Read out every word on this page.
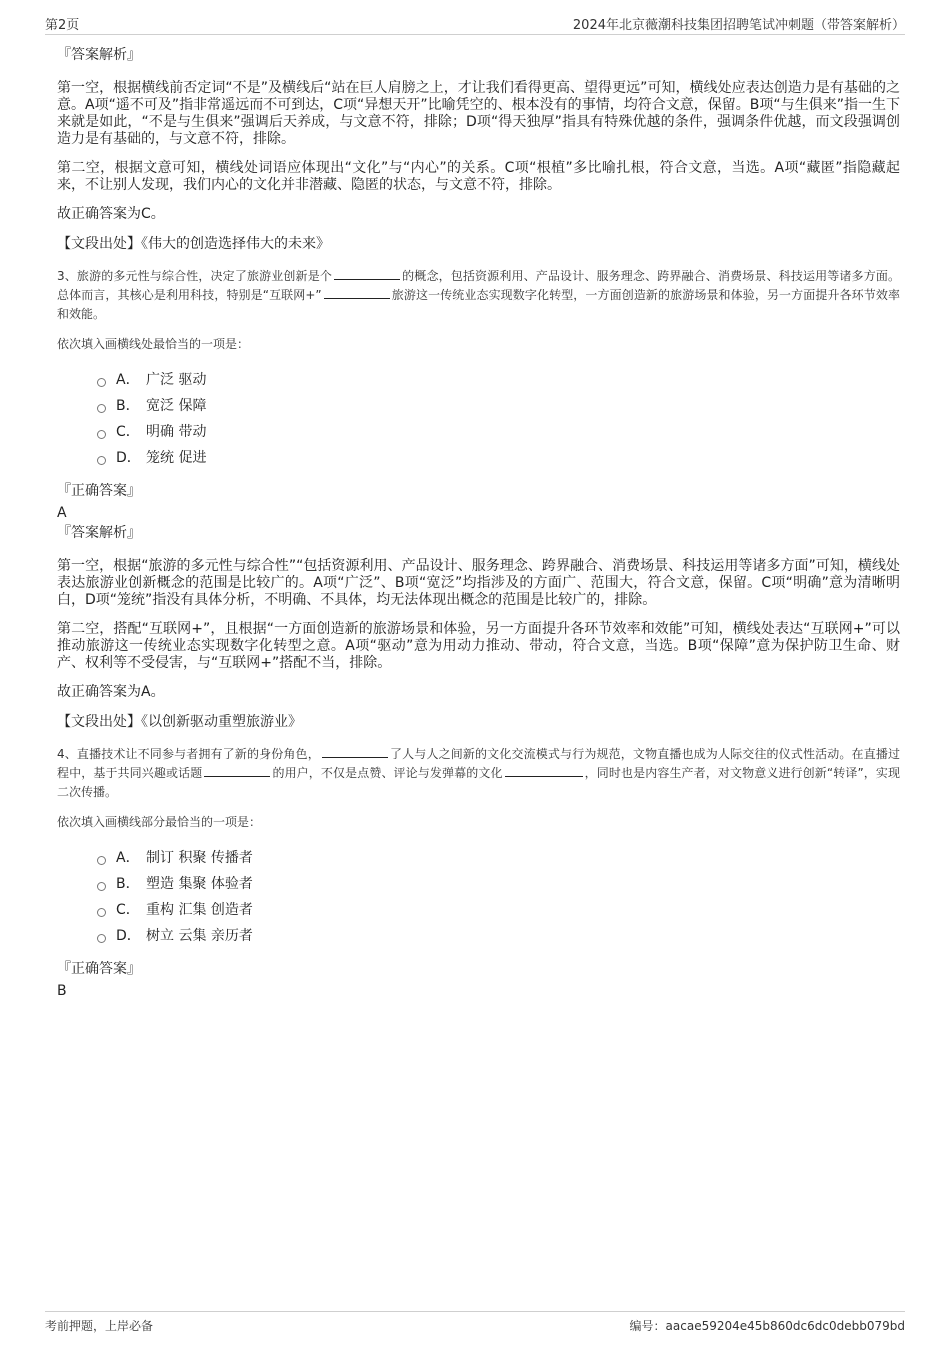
第2页	2024年北京薇潮科技集团招聘笔试冲刺题（带答案解析）
『答案解析』

第一空，根据横线前否定词“不是”及横线后“站在巨人肩膀之上，才让我们看得更高、望得更远”可知，横线处应表达创造力是有基础的之意。A项“遥不可及”指非常遥远而不可到达，C项“异想天开”比喻凭空的、根本没有的事情，均符合文意，保留。B项“与生俱来”指一生下来就是如此，“不是与生俱来”强调后天养成，与文意不符，排除；D项“得天独厚”指具有特殊优越的条件，强调条件优越，而文段强调创造力是有基础的，与文意不符，排除。

第二空，根据文意可知，横线处词语应体现出“文化”与“内心”的关系。C项“根植”多比喻扎根，符合文意，当选。A项“藏匿”指隐藏起来，不让别人发现，我们内心的文化并非潜藏、隐匿的状态，与文意不符，排除。

故正确答案为C。

【文段出处】《伟大的创造选择伟大的未来》
3、旅游的多元性与综合性，决定了旅游业创新是个	的概念，包括资源利用、产品设计、服务理念、跨界融合、消费场景、科技运用等诸多方面。总体而言，其核心是利用科技，特别是“互联网+”	旅游这一传统业态实现数字化转型，一方面创造新的旅游场景和体验，另一方面提升各环节效率和效能。
依次填入画横线处最恰当的一项是：
A． 广泛 驱动
B． 宽泛 保障
C． 明确 带动
D． 笼统 促进
『正确答案』
A
『答案解析』

第一空，根据“旅游的多元性与综合性”“包括资源利用、产品设计、服务理念、跨界融合、消费场景、科技运用等诸多方面”可知，横线处表达旅游业创新概念的范围是比较广的。A项“广泛”、B项“宽泛”均指涉及的方面广、范围大，符合文意，保留。C项“明确”意为清晰明白，D项“笼统”指没有具体分析，不明确、不具体，均无法体现出概念的范围是比较广的，排除。

第二空，搭配“互联网+”，且根据“一方面创造新的旅游场景和体验，另一方面提升各环节效率和效能”可知，横线处表达“互联网+”可以推动旅游这一传统业态实现数字化转型之意。A项“驱动”意为用动力推动、带动，符合文意，当选。B项“保障”意为保护防卫生命、财产、权利等不受侵害，与“互联网+”搭配不当，排除。

故正确答案为A。

【文段出处】《以创新驱动重塑旅游业》
4、直播技术让不同参与者拥有了新的身份角色，	了人与人之间新的文化交流模式与行为规范，文物直播也成为人际交往的仪式性活动。在直播过程中，基于共同兴趣或话题	的用户，不仅是点赞、评论与发弹幕的文化	，同时也是内容生产者，对文物意义进行创新“转译”，实现二次传播。
依次填入画横线部分最恰当的一项是：
A． 制订 积聚 传播者
B． 塑造 集聚 体验者
C． 重构 汇集 创造者
D． 树立 云集 亲历者
『正确答案』
B
考前押题，上岸必备	编号：aacae59204e45b860dc6dc0debb079bd
